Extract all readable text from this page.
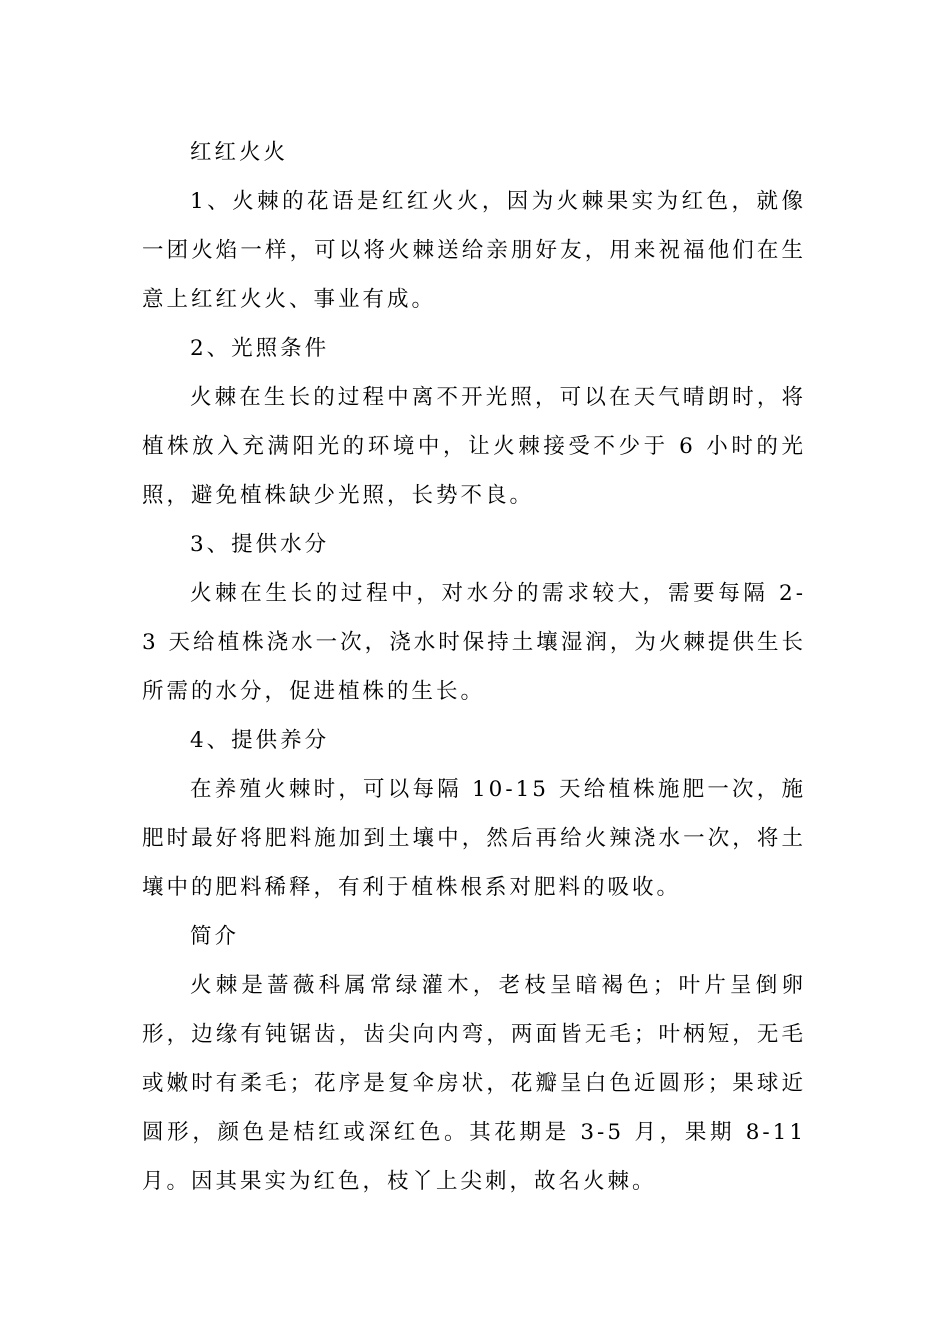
红红火火

1、火棘的花语是红红火火，因为火棘果实为红色，就像一团火焰一样，可以将火棘送给亲朋好友，用来祝福他们在生意上红红火火、事业有成。

2、光照条件

火棘在生长的过程中离不开光照，可以在天气晴朗时，将植株放入充满阳光的环境中，让火棘接受不少于 6 小时的光照，避免植株缺少光照，长势不良。

3、提供水分

火棘在生长的过程中，对水分的需求较大，需要每隔 2-3 天给植株浇水一次，浇水时保持土壤湿润，为火棘提供生长所需的水分，促进植株的生长。

4、提供养分

在养殖火棘时，可以每隔 10-15 天给植株施肥一次，施肥时最好将肥料施加到土壤中，然后再给火辣浇水一次，将土壤中的肥料稀释，有利于植株根系对肥料的吸收。

简介

火棘是蔷薇科属常绿灌木，老枝呈暗褐色；叶片呈倒卵形，边缘有钝锯齿，齿尖向内弯，两面皆无毛；叶柄短，无毛或嫩时有柔毛；花序是复伞房状，花瓣呈白色近圆形；果球近圆形，颜色是桔红或深红色。其花期是 3-5 月，果期 8-11 月。因其果实为红色，枝丫上尖刺，故名火棘。
